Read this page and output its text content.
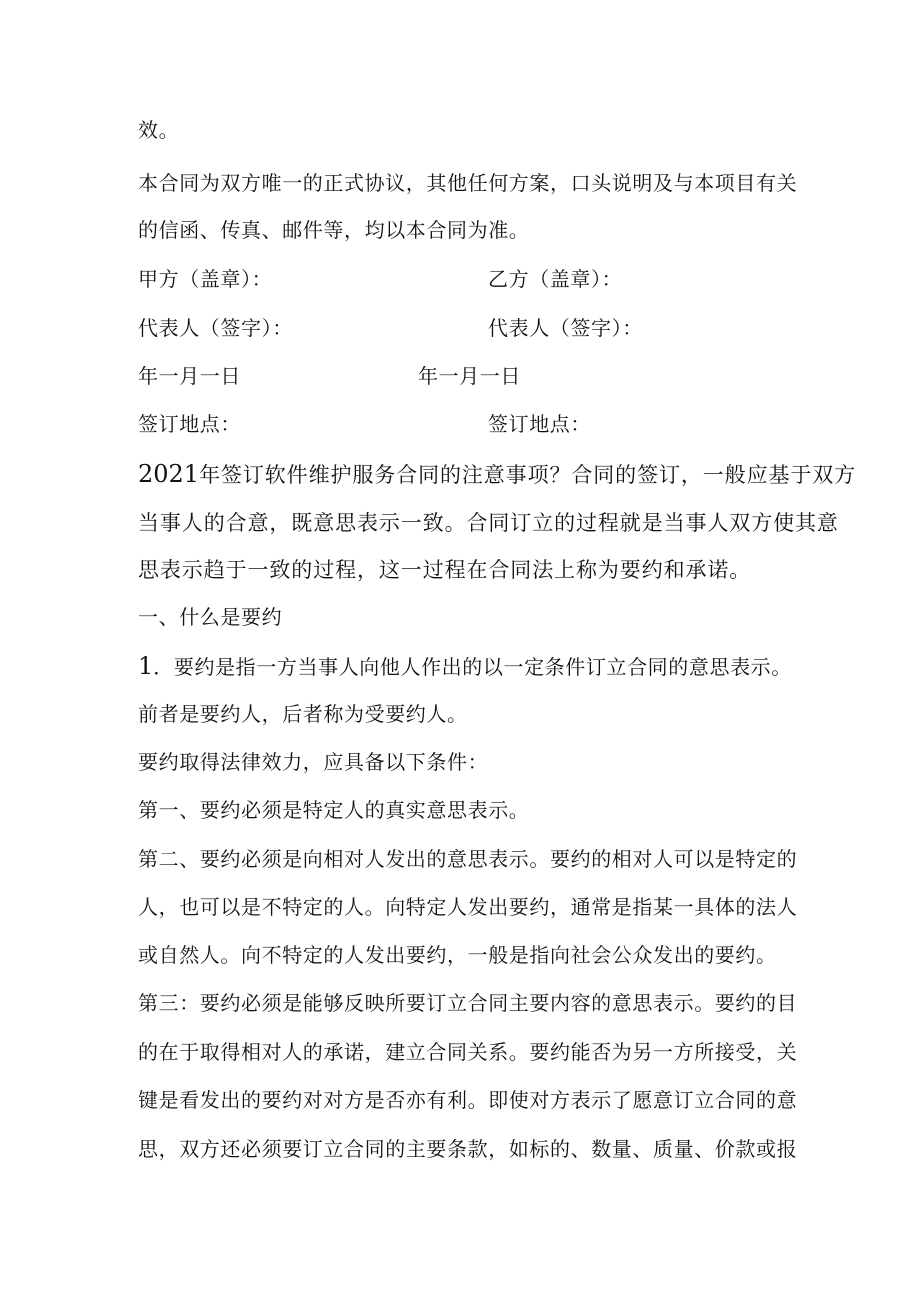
效。
本合同为双方唯一的正式协议，其他任何方案，口头说明及与本项目有关
的信函、传真、邮件等，均以本合同为准。
甲方（盖章）：	乙方（盖章）：
代表人（签字）：	代表人（签字）：
年一月一日	年一月一日
签订地点：	签订地点：
2021年签订软件维护服务合同的注意事项？合同的签订，一般应基于双方
当事人的合意，既意思表示一致。合同订立的过程就是当事人双方使其意
思表示趋于一致的过程，这一过程在合同法上称为要约和承诺。
一、什么是要约
1．要约是指一方当事人向他人作出的以一定条件订立合同的意思表示。
前者是要约人，后者称为受要约人。
要约取得法律效力，应具备以下条件：
第一、要约必须是特定人的真实意思表示。
第二、要约必须是向相对人发出的意思表示。要约的相对人可以是特定的
人，也可以是不特定的人。向特定人发出要约，通常是指某一具体的法人
或自然人。向不特定的人发出要约，一般是指向社会公众发出的要约。
第三：要约必须是能够反映所要订立合同主要内容的意思表示。要约的目
的在于取得相对人的承诺，建立合同关系。要约能否为另一方所接受，关
键是看发出的要约对对方是否亦有利。即使对方表示了愿意订立合同的意
思，双方还必须要订立合同的主要条款，如标的、数量、质量、价款或报
